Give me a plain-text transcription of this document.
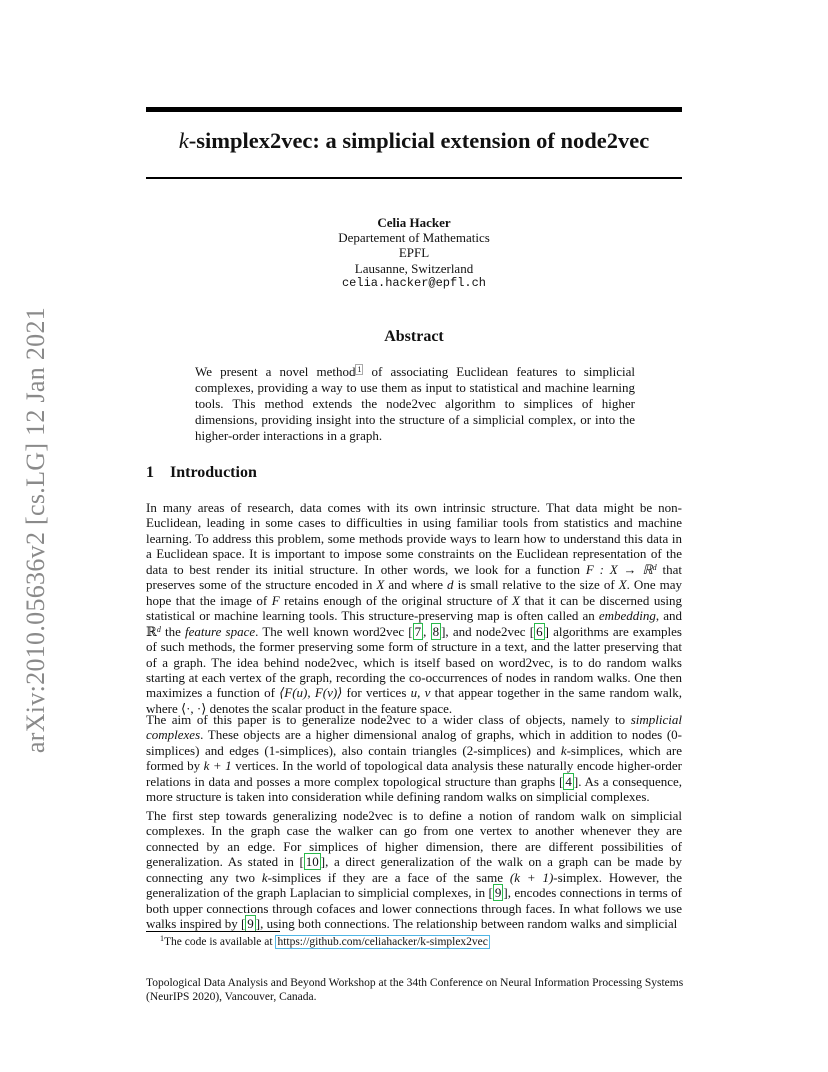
arXiv:2010.05636v2 [cs.LG] 12 Jan 2021
k-simplex2vec: a simplicial extension of node2vec
Celia Hacker
Departement of Mathematics
EPFL
Lausanne, Switzerland
celia.hacker@epfl.ch
Abstract

We present a novel method $^1$ of associating Euclidean features to simplicial complexes, providing a way to use them as input to statistical and machine learning tools. This method extends the node2vec algorithm to simplices of higher dimensions, providing insight into the structure of a simplicial complex, or into the higher-order interactions in a graph.

1 Introduction

In many areas of research, data comes with its own intrinsic structure. That data might be non-Euclidean, leading in some cases to difficulties in using familiar tools from statistics and machine learning. To address this problem, some methods provide ways to learn how to understand this data in a Euclidean space. It is important to impose some constraints on the Euclidean representation of the data to best render its initial structure. In other words, we look for a function F : X → ℝ$^d$ that preserves some of the structure encoded in X and where d is small relative to the size of X. One may hope that the image of F retains enough of the original structure of X that it can be discerned using statistical or machine learning tools. This structure-preserving map is often called an embedding, and ℝ$^d$ the feature space. The well known word2vec [ 7 , 8 ], and node2vec [ 6 ] algorithms are examples of such methods, the former preserving some form of structure in a text, and the latter preserving that of a graph. The idea behind node2vec, which is itself based on word2vec, is to do random walks starting at each vertex of the graph, recording the co-occurrences of nodes in random walks. One then maximizes a function of ⟨F(u), F(v)⟩ for vertices u, v that appear together in the same random walk, where ⟨·, ·⟩ denotes the scalar product in the feature space.

The aim of this paper is to generalize node2vec to a wider class of objects, namely to simplicial complexes. These objects are a higher dimensional analog of graphs, which in addition to nodes (0-simplices) and edges (1-simplices), also contain triangles (2-simplices) and k-simplices, which are formed by k + 1 vertices. In the world of topological data analysis these naturally encode higher-order relations in data and posses a more complex topological structure than graphs [ 4 ]. As a consequence, more structure is taken into consideration while defining random walks on simplicial complexes.

The first step towards generalizing node2vec is to define a notion of random walk on simplicial complexes. In the graph case the walker can go from one vertex to another whenever they are connected by an edge. For simplices of higher dimension, there are different possibilities of generalization. As stated in [ 10 ], a direct generalization of the walk on a graph can be made by connecting any two k-simplices if they are a face of the same (k + 1)-simplex. However, the generalization of the graph Laplacian to simplicial complexes, in [ 9 ], encodes connections in terms of both upper connections through cofaces and lower connections through faces. In what follows we use walks inspired by [ 9 ], using both connections. The relationship between random walks and simplicial

$^1$The code is available at https://github.com/celiahacker/k-simplex2vec

Topological Data Analysis and Beyond Workshop at the 34th Conference on Neural Information Processing Systems (NeurIPS 2020), Vancouver, Canada.
